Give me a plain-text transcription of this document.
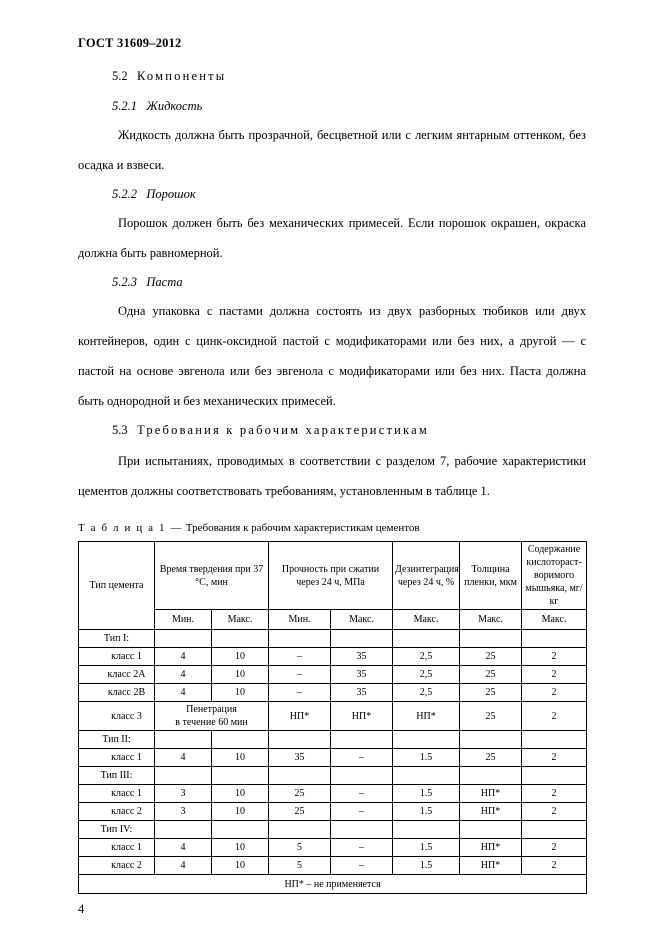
ГОСТ 31609–2012
5.2 Компоненты
5.2.1 Жидкость

Жидкость должна быть прозрачной, бесцветной или с легким янтарным оттенком, без осадка и взвеси.

5.2.2 Порошок

Порошок должен быть без механических примесей. Если порошок окрашен, окраска должна быть равномерной.

5.2.3 Паста

Одна упаковка с пастами должна состоять из двух разборных тюбиков или двух контейнеров, один с цинк-оксидной пастой с модификаторами или без них, а другой — с пастой на основе эвгенола или без эвгенола с модификаторами или без них. Паста должна быть однородной и без механических примесей.

5.3 Требования к рабочим характеристикам

При испытаниях, проводимых в соответствии с разделом 7, рабочие характеристики цементов должны соответствовать требованиям, установленным в таблице 1.

Т а б л и ц а 1 — Требования к рабочим характеристикам цементов
Тип цемента	Время твердения при 37 °С, мин		Прочность при сжатии через 24 ч, МПа		Дезинтеграция через 24 ч, %	Толщина пленки, мкм	Содержание кислоторастворимого мышьяка, мг/кг
	Мин.	Макс.	Мин.	Макс.	Макс.	Макс.	Макс.
Тип I:							
класс 1	4	10	–	35	2,5	25	2
класс 2А	4	10	–	35	2,5	25	2
класс 2В	4	10	–	35	2,5	25	2
класс 3	Пенетрация
в течение 60 мин		НП*	НП*	НП*	25	2
Тип II:							
класс 1	4	10	35	–	1.5	25	2
Тип III:							
класс 1	3	10	25	–	1.5	НП*	2
класс 2	3	10	25	–	1.5	НП*	2
Тип IV:							
класс 1	4	10	5	–	1.5	НП*	2
класс 2	4	10	5	–	1.5	НП*	2
НП* – не применяется							
4
